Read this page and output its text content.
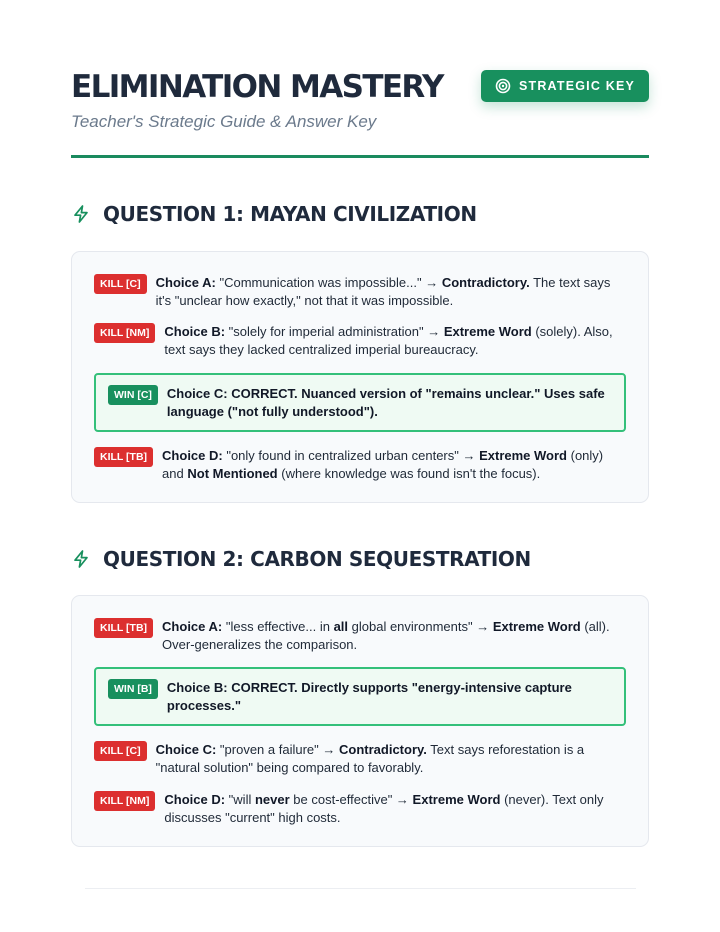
ELIMINATION MASTERY
Teacher's Strategic Guide & Answer Key
STRATEGIC KEY
QUESTION 1: MAYAN CIVILIZATION
KILL [C]	Choice A: "Communication was impossible..." → Contradictory. The text says it's "unclear how exactly," not that it was impossible.
KILL [NM]	Choice B: "solely for imperial administration" → Extreme Word (solely). Also, text says they lacked centralized imperial bureaucracy.
WIN [C]	Choice C: CORRECT. Nuanced version of "remains unclear." Uses safe language ("not fully understood").
KILL [TB]	Choice D: "only found in centralized urban centers" → Extreme Word (only) and Not Mentioned (where knowledge was found isn't the focus).
QUESTION 2: CARBON SEQUESTRATION
KILL [TB]	Choice A: "less effective... in all global environments" → Extreme Word (all). Over-generalizes the comparison.
WIN [B]	Choice B: CORRECT. Directly supports "energy-intensive capture processes."
KILL [C]	Choice C: "proven a failure" → Contradictory. Text says reforestation is a "natural solution" being compared to favorably.
KILL [NM]	Choice D: "will never be cost-effective" → Extreme Word (never). Text only discusses "current" high costs.
